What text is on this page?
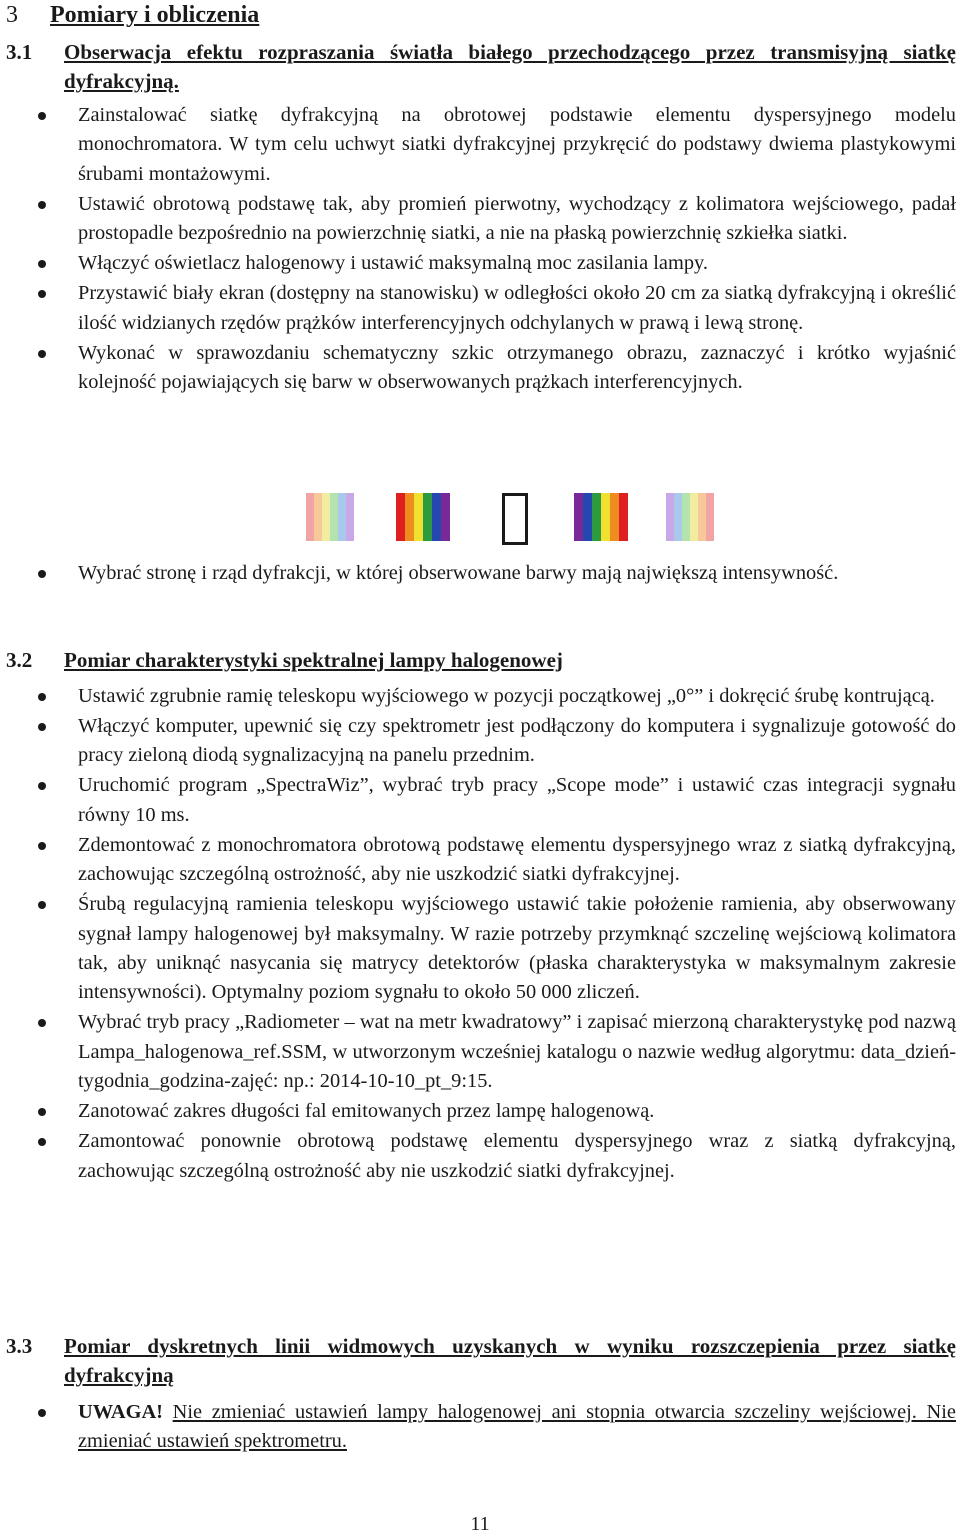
3 Pomiary i obliczenia
3.1 Obserwacja efektu rozpraszania światła białego przechodzącego przez transmisyjną siatkę dyfrakcyjną.
Zainstalować siatkę dyfrakcyjną na obrotowej podstawie elementu dyspersyjnego modelu monochromatora. W tym celu uchwyt siatki dyfrakcyjnej przykręcić do podstawy dwiema plastykowymi śrubami montażowymi.
Ustawić obrotową podstawę tak, aby promień pierwotny, wychodzący z kolimatora wejściowego, padał prostopadle bezpośrednio na powierzchnię siatki, a nie na płaską powierzchnię szkiełka siatki.
Włączyć oświetlacz halogenowy i ustawić maksymalną moc zasilania lampy.
Przystawić biały ekran (dostępny na stanowisku) w odległości około 20 cm za siatką dyfrakcyjną i określić ilość widzianych rzędów prążków interferencyjnych odchylanych w prawą i lewą stronę.
Wykonać w sprawozdaniu schematyczny szkic otrzymanego obrazu, zaznaczyć i krótko wyjaśnić kolejność pojawiających się barw w obserwowanych prążkach interferencyjnych.
Wybrać stronę i rząd dyfrakcji, w której obserwowane barwy mają największą intensywność.
3.2 Pomiar charakterystyki spektralnej lampy halogenowej
Ustawić zgrubnie ramię teleskopu wyjściowego w pozycji początkowej „0°” i dokręcić śrubę kontrującą.
Włączyć komputer, upewnić się czy spektrometr jest podłączony do komputera i sygnalizuje gotowość do pracy zieloną diodą sygnalizacyjną na panelu przednim.
Uruchomić program „SpectraWiz”, wybrać tryb pracy „Scope mode” i ustawić czas integracji sygnału równy 10 ms.
Zdemontować z monochromatora obrotową podstawę elementu dyspersyjnego wraz z siatką dyfrakcyjną, zachowując szczególną ostrożność, aby nie uszkodzić siatki dyfrakcyjnej.
Śrubą regulacyjną ramienia teleskopu wyjściowego ustawić takie położenie ramienia, aby obserwowany sygnał lampy halogenowej był maksymalny. W razie potrzeby przymknąć szczelinę wejściową kolimatora tak, aby uniknąć nasycania się matrycy detektorów (płaska charakterystyka w maksymalnym zakresie intensywności). Optymalny poziom sygnału to około 50 000 zliczeń.
Wybrać tryb pracy „Radiometer – wat na metr kwadratowy” i zapisać mierzoną charakterystykę pod nazwą Lampa_halogenowa_ref.SSM, w utworzonym wcześniej katalogu o nazwie według algorytmu: data_dzień-tygodnia_godzina-zajęć: np.: 2014-10-10_pt_9:15.
Zanotować zakres długości fal emitowanych przez lampę halogenową.
Zamontować ponownie obrotową podstawę elementu dyspersyjnego wraz z siatką dyfrakcyjną, zachowując szczególną ostrożność aby nie uszkodzić siatki dyfrakcyjnej.
3.3 Pomiar dyskretnych linii widmowych uzyskanych w wyniku rozszczepienia przez siatkę dyfrakcyjną
UWAGA! Nie zmieniać ustawień lampy halogenowej ani stopnia otwarcia szczeliny wejściowej. Nie zmieniać ustawień spektrometru.
11
